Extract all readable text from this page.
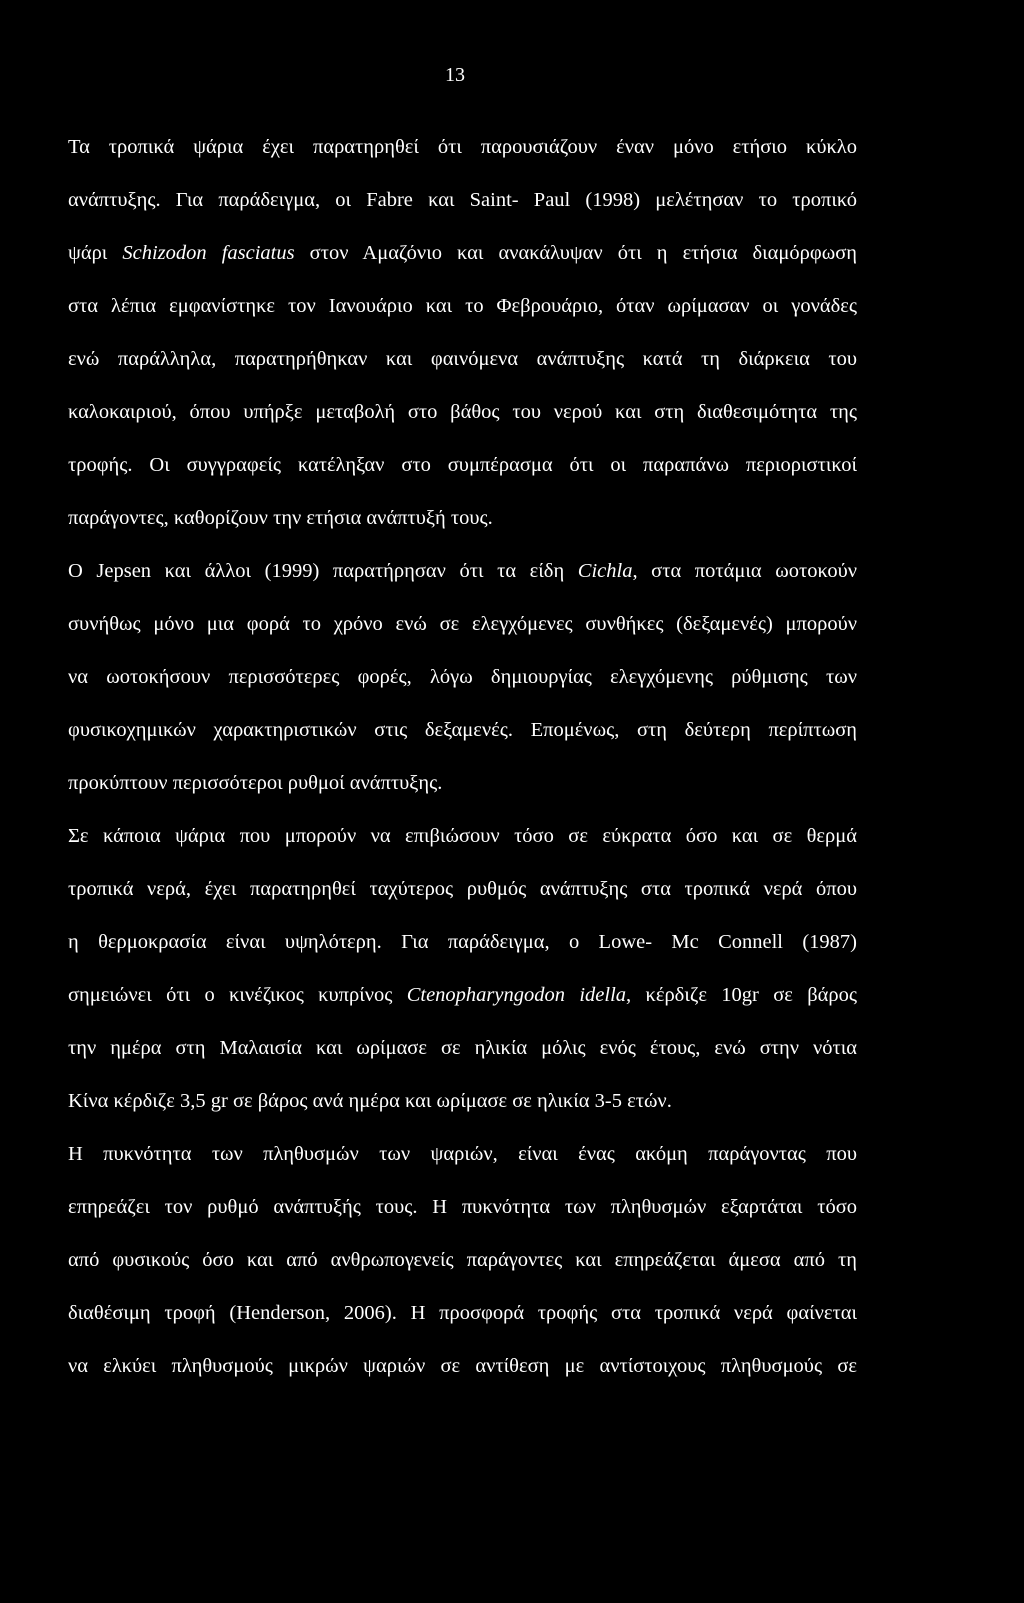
13
Τα τροπικά ψάρια έχει παρατηρηθεί ότι παρουσιάζουν έναν μόνο ετήσιο κύκλο
ανάπτυξης. Για παράδειγμα, οι Fabre και Saint- Paul (1998) μελέτησαν το τροπικό
ψάρι Schizodon fasciatus στον Αμαζόνιο και ανακάλυψαν ότι η ετήσια διαμόρφωση
στα λέπια εμφανίστηκε τον Ιανουάριο και το Φεβρουάριο, όταν ωρίμασαν οι γονάδες
ενώ παράλληλα, παρατηρήθηκαν και φαινόμενα ανάπτυξης κατά τη διάρκεια του
καλοκαιριού, όπου υπήρξε μεταβολή στο βάθος του νερού και στη διαθεσιμότητα της
τροφής. Οι συγγραφείς κατέληξαν στο συμπέρασμα ότι οι παραπάνω περιοριστικοί
παράγοντες, καθορίζουν την ετήσια ανάπτυξή τους.
Ο Jepsen και άλλοι (1999) παρατήρησαν ότι τα είδη Cichla, στα ποτάμια ωοτοκούν
συνήθως μόνο μια φορά το χρόνο ενώ σε ελεγχόμενες συνθήκες (δεξαμενές) μπορούν
να ωοτοκήσουν περισσότερες φορές, λόγω δημιουργίας ελεγχόμενης ρύθμισης των
φυσικοχημικών χαρακτηριστικών στις δεξαμενές. Επομένως, στη δεύτερη περίπτωση
προκύπτουν περισσότεροι ρυθμοί ανάπτυξης.
Σε κάποια ψάρια που μπορούν να επιβιώσουν τόσο σε εύκρατα όσο και σε θερμά
τροπικά νερά, έχει παρατηρηθεί ταχύτερος ρυθμός ανάπτυξης στα τροπικά νερά όπου
η θερμοκρασία είναι υψηλότερη. Για παράδειγμα, ο Lowe- Mc Connell (1987)
σημειώνει ότι ο κινέζικος κυπρίνος Ctenopharyngodon idella, κέρδιζε 10gr σε βάρος
την ημέρα στη Μαλαισία και ωρίμασε σε ηλικία μόλις ενός έτους, ενώ στην νότια
Κίνα κέρδιζε 3,5 gr σε βάρος ανά ημέρα και ωρίμασε σε ηλικία 3-5 ετών.
Η πυκνότητα των πληθυσμών των ψαριών, είναι ένας ακόμη παράγοντας που
επηρεάζει τον ρυθμό ανάπτυξής τους. Η πυκνότητα των πληθυσμών εξαρτάται τόσο
από φυσικούς όσο και από ανθρωπογενείς παράγοντες και επηρεάζεται άμεσα από τη
διαθέσιμη τροφή (Henderson, 2006). Η προσφορά τροφής στα τροπικά νερά φαίνεται
να ελκύει πληθυσμούς μικρών ψαριών σε αντίθεση με αντίστοιχους πληθυσμούς σε
